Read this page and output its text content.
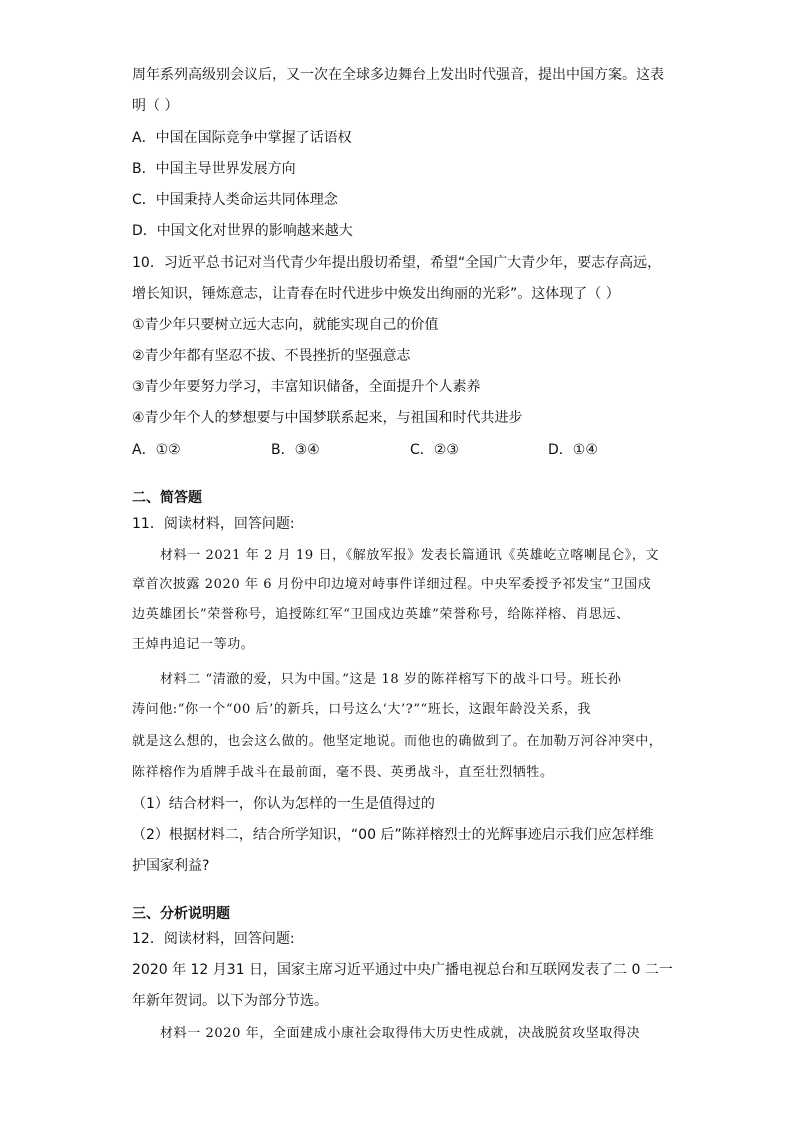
周年系列高级别会议后，又一次在全球多边舞台上发出时代强音，提出中国方案。这表
明（ ）
A．中国在国际竞争中掌握了话语权
B．中国主导世界发展方向
C．中国秉持人类命运共同体理念
D．中国文化对世界的影响越来越大
10．习近平总书记对当代青少年提出殷切希望，希望“全国广大青少年，要志存高远，
增长知识，锤炼意志，让青春在时代进步中焕发出绚丽的光彩”。这体现了（ ）
①青少年只要树立远大志向，就能实现自己的价值
②青少年都有坚忍不拔、不畏挫折的坚强意志
③青少年要努力学习，丰富知识储备，全面提升个人素养
④青少年个人的梦想要与中国梦联系起来，与祖国和时代共进步
A．①②	B．③④	C．②③	D．①④
二、简答题
11．阅读材料，回答问题:
材料一 2021 年 2 月 19 日，《解放军报》发表长篇通讯《英雄屹立喀喇昆仑》，文
章首次披露 2020 年 6 月份中印边境对峙事件详细过程。中央军委授予祁发宝“卫国戍
边英雄团长”荣誉称号，追授陈红军“卫国戍边英雄”荣誉称号，给陈祥榕、肖思远、
王焯冉追记一等功。
材料二 “清澈的爱，只为中国。”这是 18 岁的陈祥榕写下的战斗口号。班长孙
涛问他:“你一个“00 后’的新兵，口号这么‘大’?”“班长，这跟年龄没关系，我
就是这么想的，也会这么做的。他坚定地说。而他也的确做到了。在加勒万河谷冲突中，
陈祥榕作为盾牌手战斗在最前面，毫不畏、英勇战斗，直至壮烈牺牲。
（1）结合材料一，你认为怎样的一生是值得过的
（2）根据材料二，结合所学知识，“00 后”陈祥榕烈士的光辉事迹启示我们应怎样维
护国家利益?
三、分析说明题
12．阅读材料，回答问题:
2020 年 12 月31 日，国家主席习近平通过中央广播电视总台和互联网发表了二 0 二一
年新年贺词。以下为部分节选。
材料一 2020 年，全面建成小康社会取得伟大历史性成就，决战脱贫攻坚取得决
